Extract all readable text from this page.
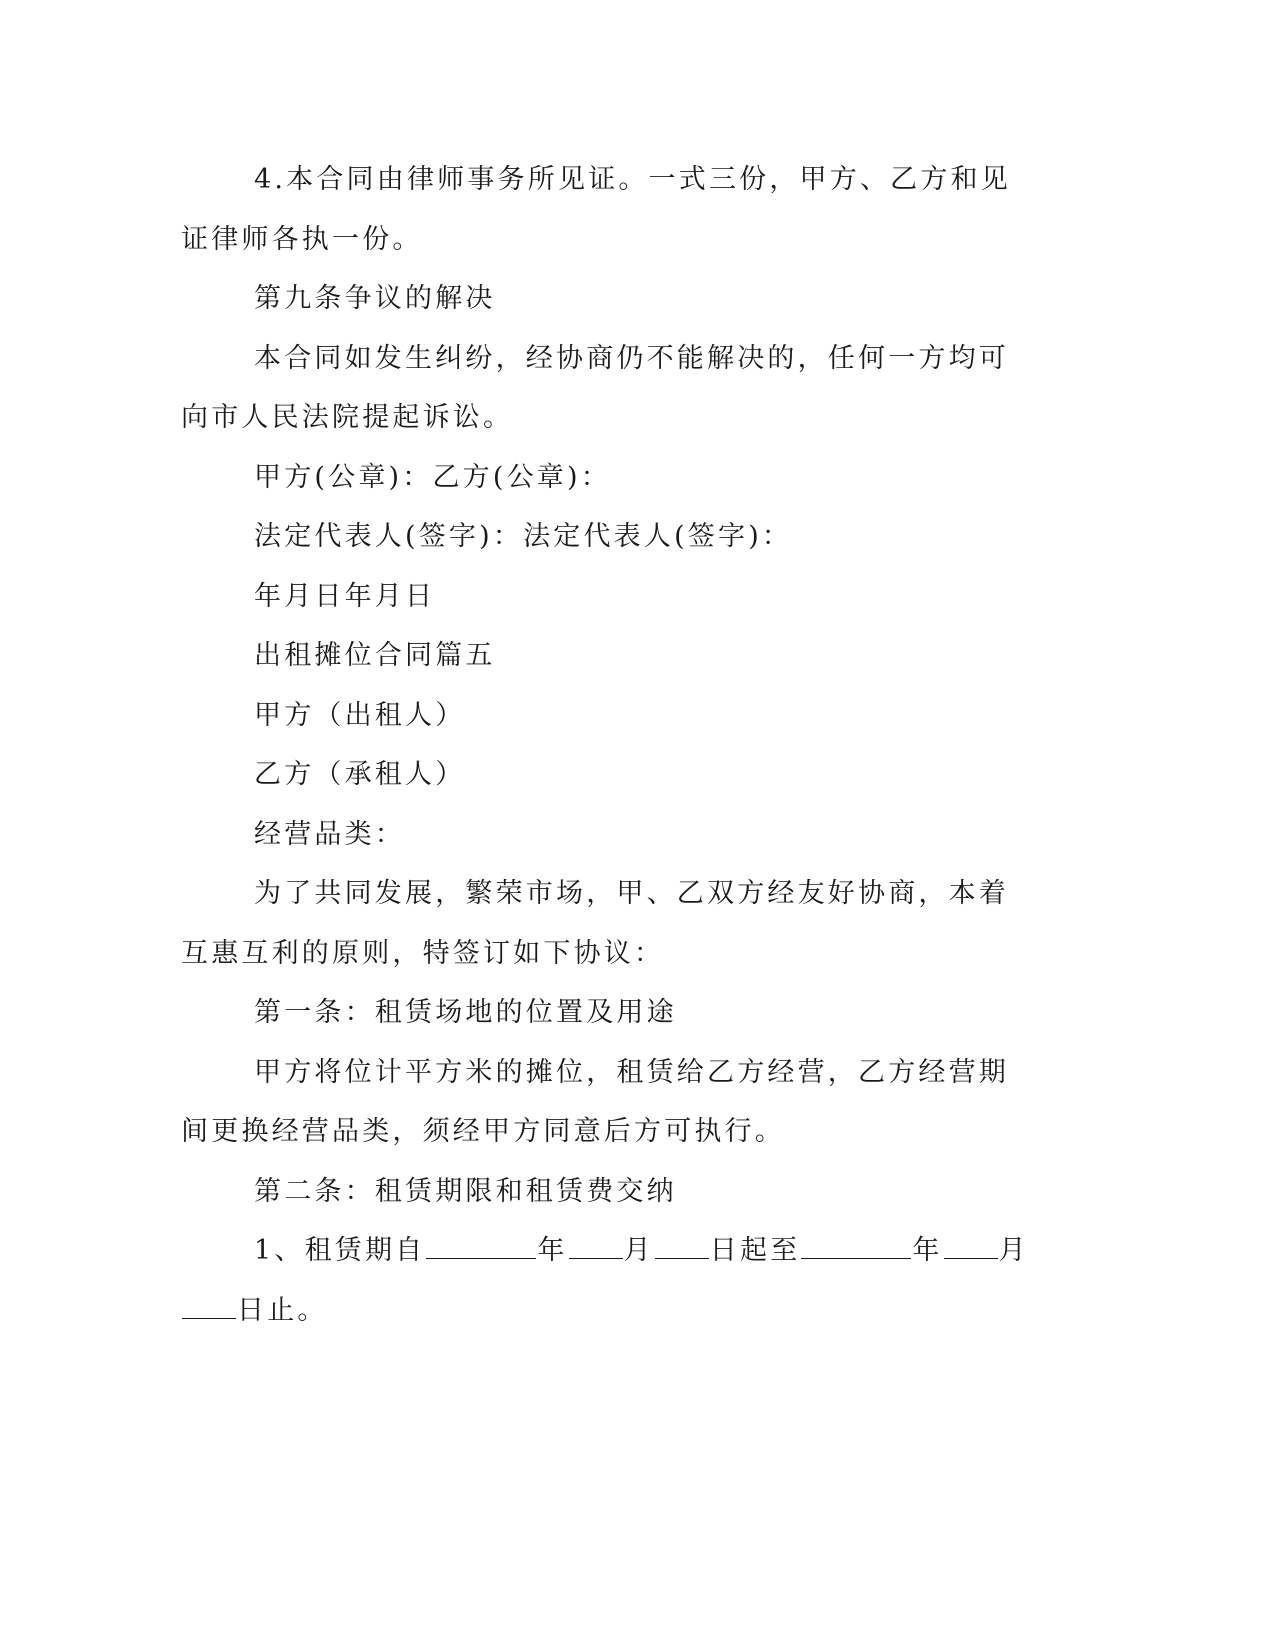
4.本合同由律师事务所见证。一式三份，甲方、乙方和见证律师各执一份。

第九条争议的解决

本合同如发生纠纷，经协商仍不能解决的，任何一方均可向市人民法院提起诉讼。

甲方(公章)：乙方(公章)：

法定代表人(签字)：法定代表人(签字)：

年月日年月日

出租摊位合同篇五

甲方（出租人）

乙方（承租人）

经营品类：

为了共同发展，繁荣市场，甲、乙双方经友好协商，本着互惠互利的原则，特签订如下协议：

第一条：租赁场地的位置及用途

甲方将位计平方米的摊位，租赁给乙方经营，乙方经营期间更换经营品类，须经甲方同意后方可执行。

第二条：租赁期限和租赁费交纳

1、租赁期自	年 月 日起至	年 月日止。
